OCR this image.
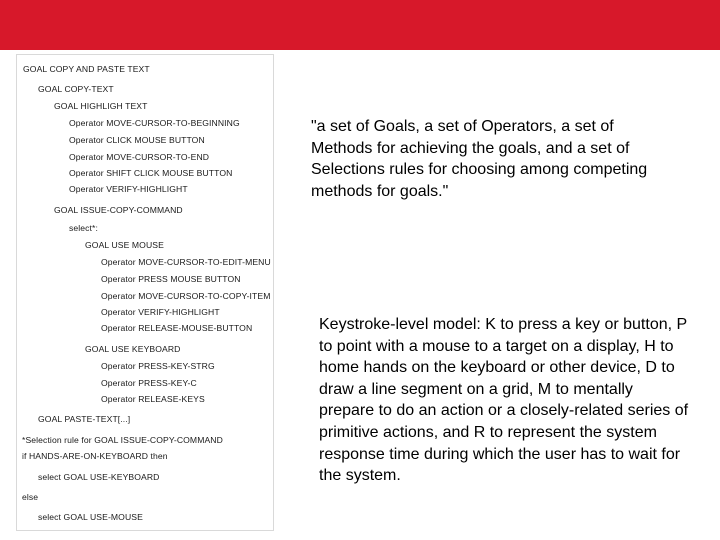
GOAL COPY AND PASTE TEXT
GOAL COPY-TEXT
GOAL HIGHLIGH TEXT
Operator MOVE-CURSOR-TO-BEGINNING
Operator CLICK MOUSE BUTTON
Operator MOVE-CURSOR-TO-END
Operator SHIFT CLICK MOUSE BUTTON
Operator VERIFY-HIGHLIGHT
GOAL ISSUE-COPY-COMMAND
select*:
GOAL USE MOUSE
Operator MOVE-CURSOR-TO-EDIT-MENU
Operator PRESS MOUSE BUTTON
Operator MOVE-CURSOR-TO-COPY-ITEM
Operator VERIFY-HIGHLIGHT
Operator RELEASE-MOUSE-BUTTON
GOAL USE KEYBOARD
Operator PRESS-KEY-STRG
Operator PRESS-KEY-C
Operator RELEASE-KEYS
GOAL PASTE-TEXT[...]
*Selection rule for GOAL ISSUE-COPY-COMMAND
if HANDS-ARE-ON-KEYBOARD then
select GOAL USE-KEYBOARD
else
select GOAL USE-MOUSE
"a set of Goals, a set of Operators, a set of Methods for achieving the goals, and a set of Selections rules for choosing among competing methods for goals."
Keystroke-level model: K to press a key or button, P to point with a mouse to a target on a display, H to home hands on the keyboard or other device, D to draw a line segment on a grid, M to mentally prepare to do an action or a closely-related series of primitive actions, and R to represent the system response time during which the user has to wait for the system.
